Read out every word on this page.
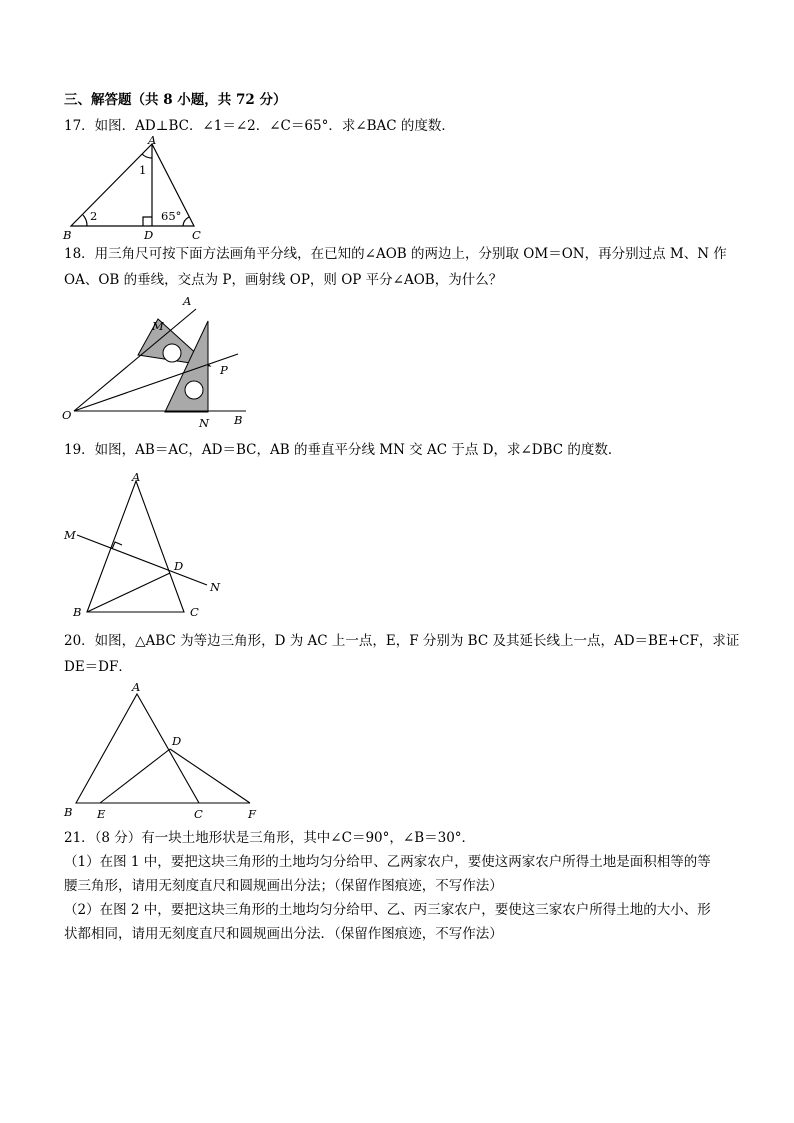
三、解答题（共 8 小题，共 72 分）
17．如图．AD⊥BC．∠1＝∠2．∠C＝65°．求∠BAC 的度数．
A
B	C
D
1
2	65°
18．用三角尺可按下面方法画角平分线，在已知的∠AOB 的两边上，分别取 OM＝ON，再分别过点 M、N 作
OA、OB 的垂线，交点为 P，画射线 OP，则 OP 平分∠AOB，为什么？
A
M
P
O
N B
19．如图，AB＝AC，AD＝BC，AB 的垂直平分线 MN 交 AC 于点 D，求∠DBC 的度数．
A
M
D
N
B	C
20．如图，△ABC 为等边三角形，D 为 AC 上一点，E，F 分别为 BC 及其延长线上一点，AD＝BE+CF，求证
DE＝DF．
A
D
B E	C	F
21．（8 分）有一块土地形状是三角形，其中∠C＝90°，∠B＝30°．
（1）在图 1 中，要把这块三角形的土地均匀分给甲、乙两家农户，要使这两家农户所得土地是面积相等的等
腰三角形，请用无刻度直尺和圆规画出分法；（保留作图痕迹，不写作法）
（2）在图 2 中，要把这块三角形的土地均匀分给甲、乙、丙三家农户，要使这三家农户所得土地的大小、形
状都相同，请用无刻度直尺和圆规画出分法．（保留作图痕迹，不写作法）
